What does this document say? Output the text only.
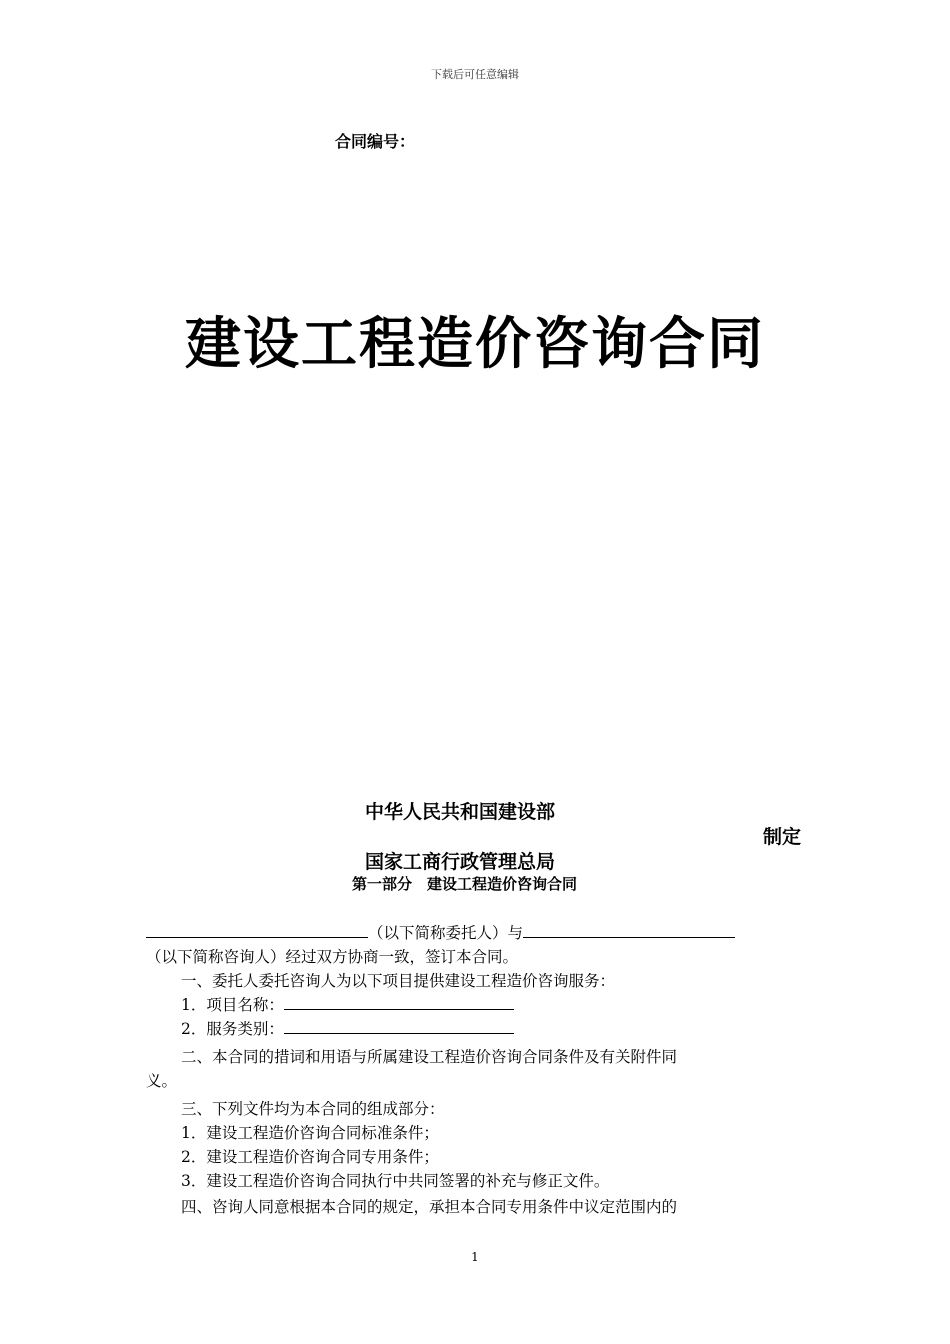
下载后可任意编辑
合同编号：
建设工程造价咨询合同
中华人民共和国建设部
制定
国家工商行政管理总局
第一部分　建设工程造价咨询合同
（以下简称委托人）与
（以下简称咨询人）经过双方协商一致，签订本合同。
一、委托人委托咨询人为以下项目提供建设工程造价咨询服务：
1．项目名称：
2．服务类别：
二、本合同的措词和用语与所属建设工程造价咨询合同条件及有关附件同
义。
三、下列文件均为本合同的组成部分：
1．建设工程造价咨询合同标准条件；
2．建设工程造价咨询合同专用条件；
3．建设工程造价咨询合同执行中共同签署的补充与修正文件。
四、咨询人同意根据本合同的规定，承担本合同专用条件中议定范围内的
1
